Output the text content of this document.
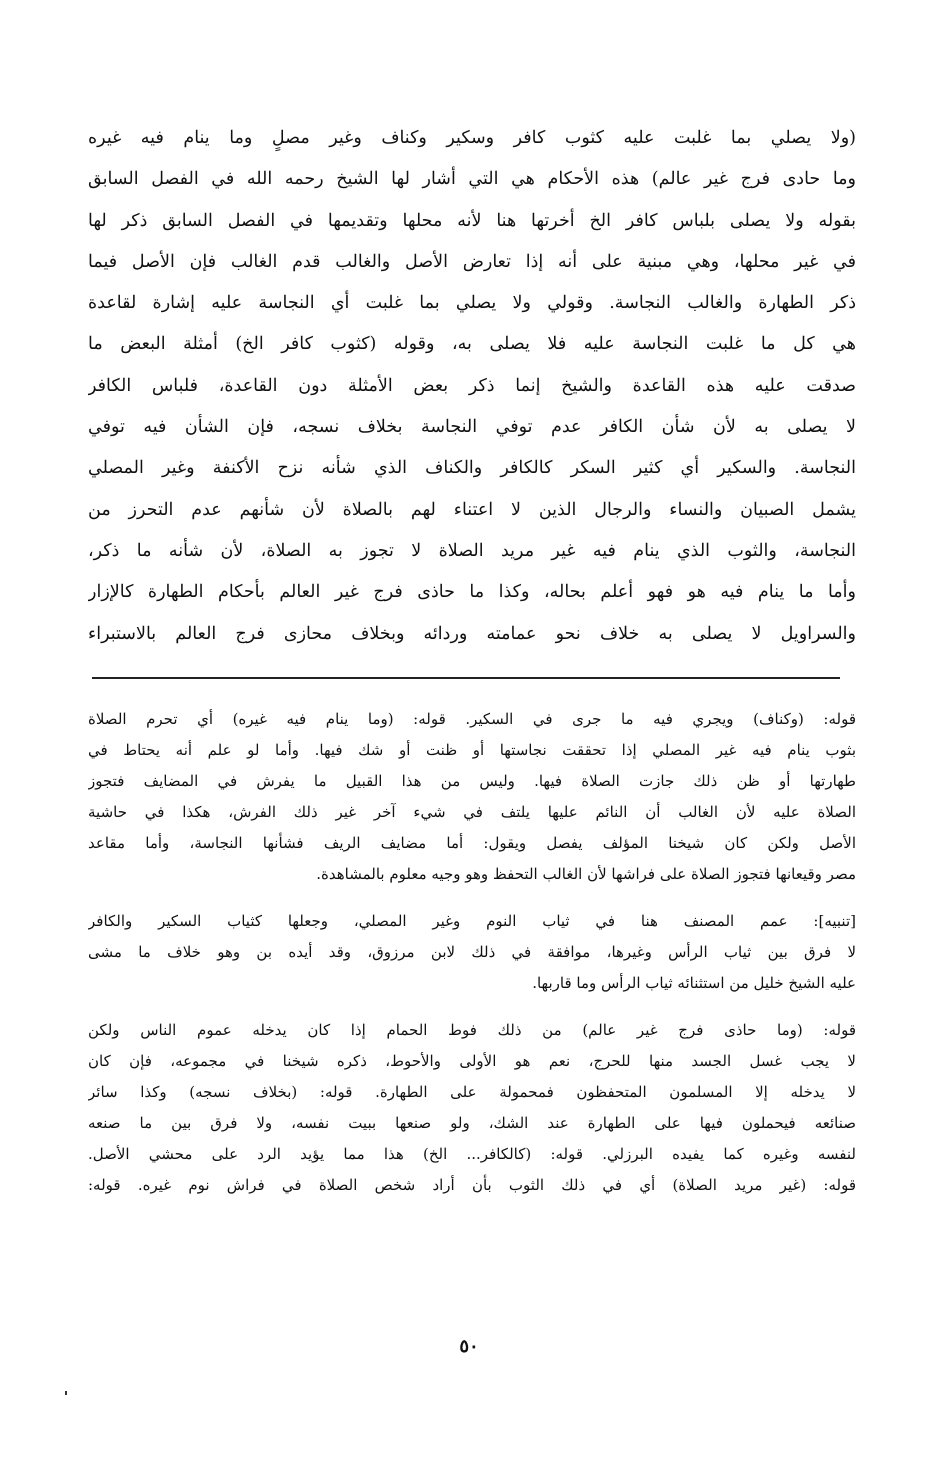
(ولا يصلي بما غلبت عليه كثوب كافر وسكير وكناف وغير مصلٍ وما ينام فيه غيره
وما حادى فرج غير عالم) هذه الأحكام هي التي أشار لها الشيخ رحمه الله في الفصل السابق
بقوله ولا يصلى بلباس كافر الخ أخرتها هنا لأنه محلها وتقديمها في الفصل السابق ذكر لها
في غير محلها، وهي مبنية على أنه إذا تعارض الأصل والغالب قدم الغالب فإن الأصل فيما
ذكر الطهارة والغالب النجاسة. وقولي ولا يصلي بما غلبت أي النجاسة عليه إشارة لقاعدة
هي كل ما غلبت النجاسة عليه فلا يصلى به، وقوله (كثوب كافر الخ) أمثلة البعض ما
صدقت عليه هذه القاعدة والشيخ إنما ذكر بعض الأمثلة دون القاعدة، فلباس الكافر
لا يصلى به لأن شأن الكافر عدم توفي النجاسة بخلاف نسجه، فإن الشأن فيه توفي
النجاسة. والسكير أي كثير السكر كالكافر والكناف الذي شأنه نزح الأكنفة وغير المصلي
يشمل الصبيان والنساء والرجال الذين لا اعتناء لهم بالصلاة لأن شأنهم عدم التحرز من
النجاسة، والثوب الذي ينام فيه غير مريد الصلاة لا تجوز به الصلاة، لأن شأنه ما ذكر،
وأما ما ينام فيه هو فهو أعلم بحاله، وكذا ما حاذى فرج غير العالم بأحكام الطهارة كالإزار
والسراويل لا يصلى به خلاف نحو عمامته وردائه وبخلاف محازى فرج العالم بالاستبراء
قوله: (وكناف) ويجري فيه ما جرى في السكير. قوله: (وما ينام فيه غيره) أي تحرم الصلاة
بثوب ينام فيه غير المصلي إذا تحققت نجاستها أو ظنت أو شك فيها. وأما لو علم أنه يحتاط في
طهارتها أو ظن ذلك جازت الصلاة فيها. وليس من هذا القبيل ما يفرش في المضايف فتجوز
الصلاة عليه لأن الغالب أن النائم عليها يلتف في شيء آخر غير ذلك الفرش، هكذا في حاشية
الأصل ولكن كان شيخنا المؤلف يفصل ويقول: أما مضايف الريف فشأنها النجاسة، وأما مقاعد
مصر وقيعانها فتجوز الصلاة على فراشها لأن الغالب التحفظ وهو وجيه معلوم بالمشاهدة.
[تنبيه]: عمم المصنف هنا في ثياب النوم وغير المصلي، وجعلها كثياب السكير والكافر
لا فرق بين ثياب الرأس وغيرها، موافقة في ذلك لابن مرزوق، وقد أيده بن وهو خلاف ما مشى
عليه الشيخ خليل من استثنائه ثياب الرأس وما قاربها.
قوله: (وما حاذى فرج غير عالم) من ذلك فوط الحمام إذا كان يدخله عموم الناس ولكن
لا يجب غسل الجسد منها للحرج، نعم هو الأولى والأحوط، ذكره شيخنا في مجموعه، فإن كان
لا يدخله إلا المسلمون المتحفظون فمحمولة على الطهارة. قوله: (بخلاف نسجه) وكذا سائر
صنائعه فيحملون فيها على الطهارة عند الشك، ولو صنعها ببيت نفسه، ولا فرق بين ما صنعه
لنفسه وغيره كما يفيده البرزلي. قوله: (كالكافر... الخ) هذا مما يؤيد الرد على محشي الأصل.
قوله: (غير مريد الصلاة) أي في ذلك الثوب بأن أراد شخص الصلاة في فراش نوم غيره. قوله:
٥٠
